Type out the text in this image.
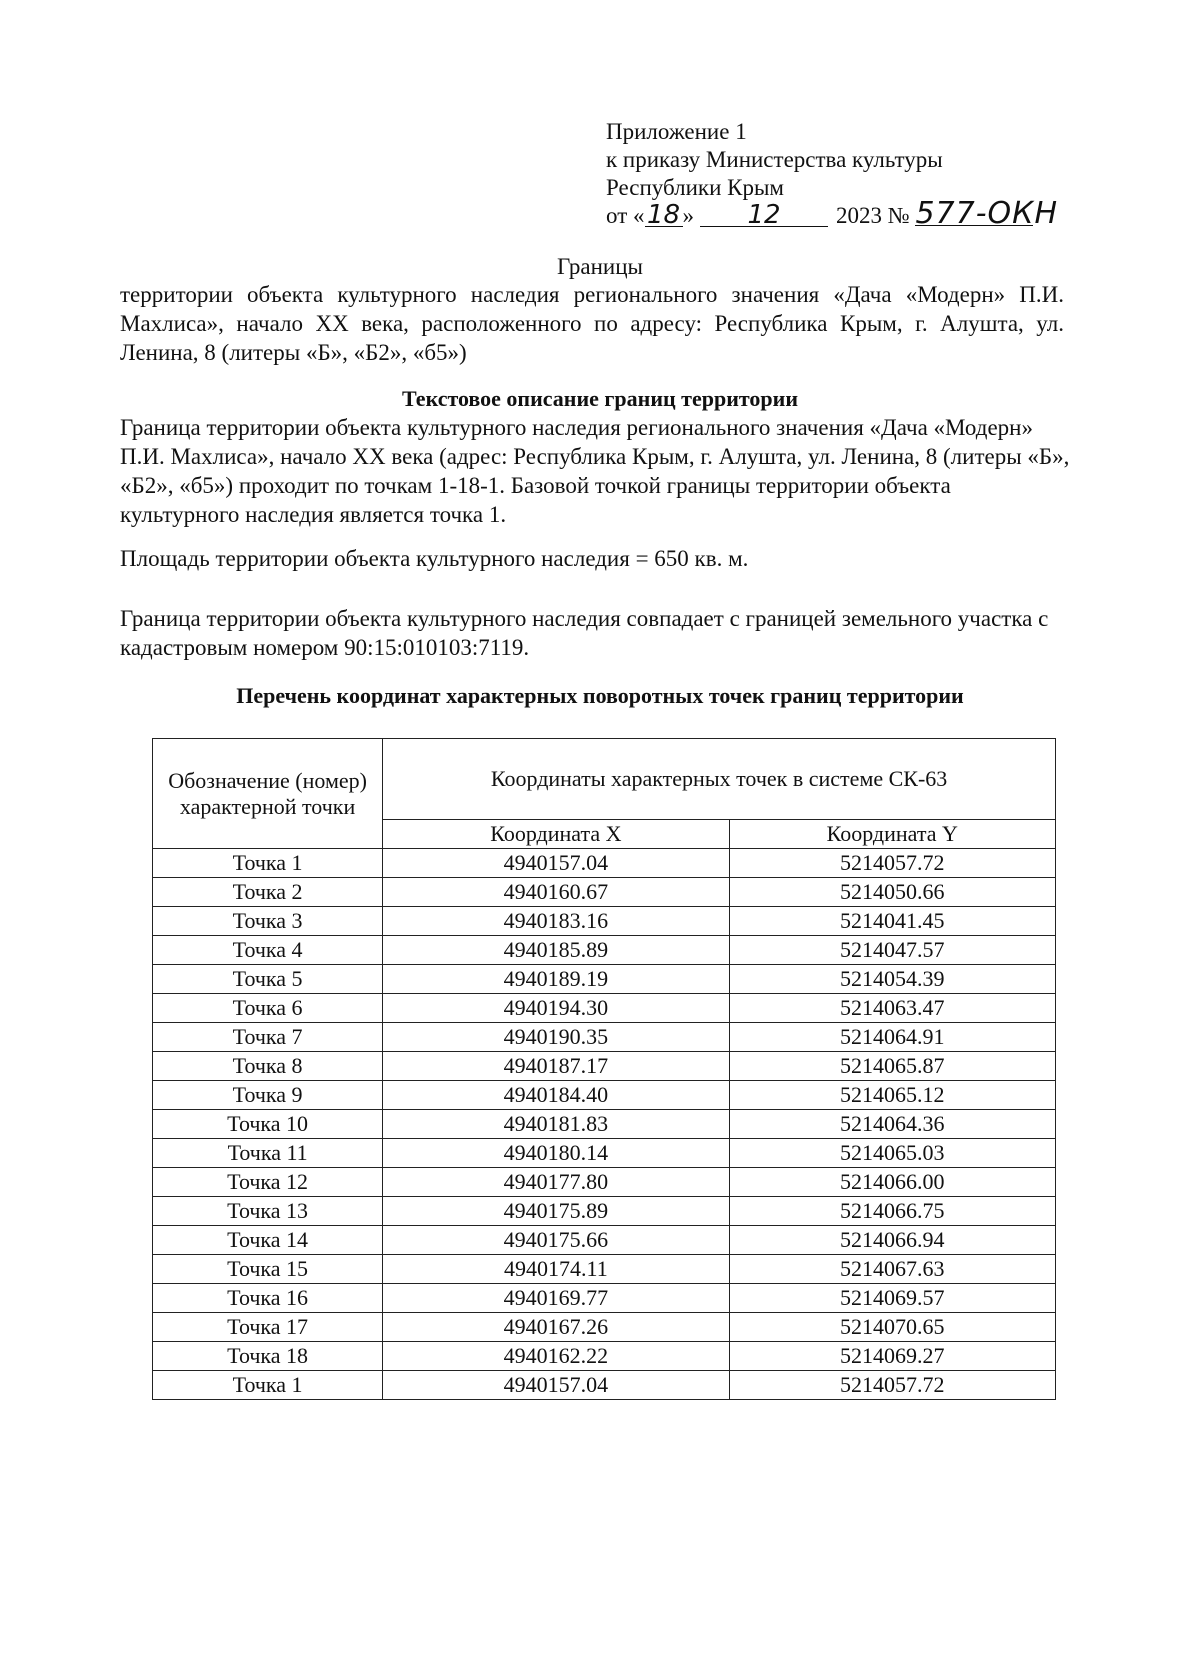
Приложение 1
к приказу Министерства культуры
Республики Крым
от «18 » 12 2023 № 577-ОКН
Границы
территории объекта культурного наследия регионального значения «Дача «Модерн» П.И. Махлиса», начало XX века, расположенного по адресу: Республика Крым, г. Алушта, ул. Ленина, 8 (литеры «Б», «Б2», «б5»)
Текстовое описание границ территории
Граница территории объекта культурного наследия регионального значения «Дача «Модерн» П.И. Махлиса», начало XX века (адрес: Республика Крым, г. Алушта, ул. Ленина, 8 (литеры «Б», «Б2», «б5») проходит по точкам 1-18-1. Базовой точкой границы территории объекта культурного наследия является точка 1.
Площадь территории объекта культурного наследия = 650 кв. м.
Граница территории объекта культурного наследия совпадает с границей земельного участка с кадастровым номером 90:15:010103:7119.
Перечень координат характерных поворотных точек границ территории
Обозначение (номер) характерной точки	Координаты характерных точек в системе СК-63	
	Координата X	Координата Y
Точка 1	4940157.04	5214057.72
Точка 2	4940160.67	5214050.66
Точка 3	4940183.16	5214041.45
Точка 4	4940185.89	5214047.57
Точка 5	4940189.19	5214054.39
Точка 6	4940194.30	5214063.47
Точка 7	4940190.35	5214064.91
Точка 8	4940187.17	5214065.87
Точка 9	4940184.40	5214065.12
Точка 10	4940181.83	5214064.36
Точка 11	4940180.14	5214065.03
Точка 12	4940177.80	5214066.00
Точка 13	4940175.89	5214066.75
Точка 14	4940175.66	5214066.94
Точка 15	4940174.11	5214067.63
Точка 16	4940169.77	5214069.57
Точка 17	4940167.26	5214070.65
Точка 18	4940162.22	5214069.27
Точка 1	4940157.04	5214057.72
